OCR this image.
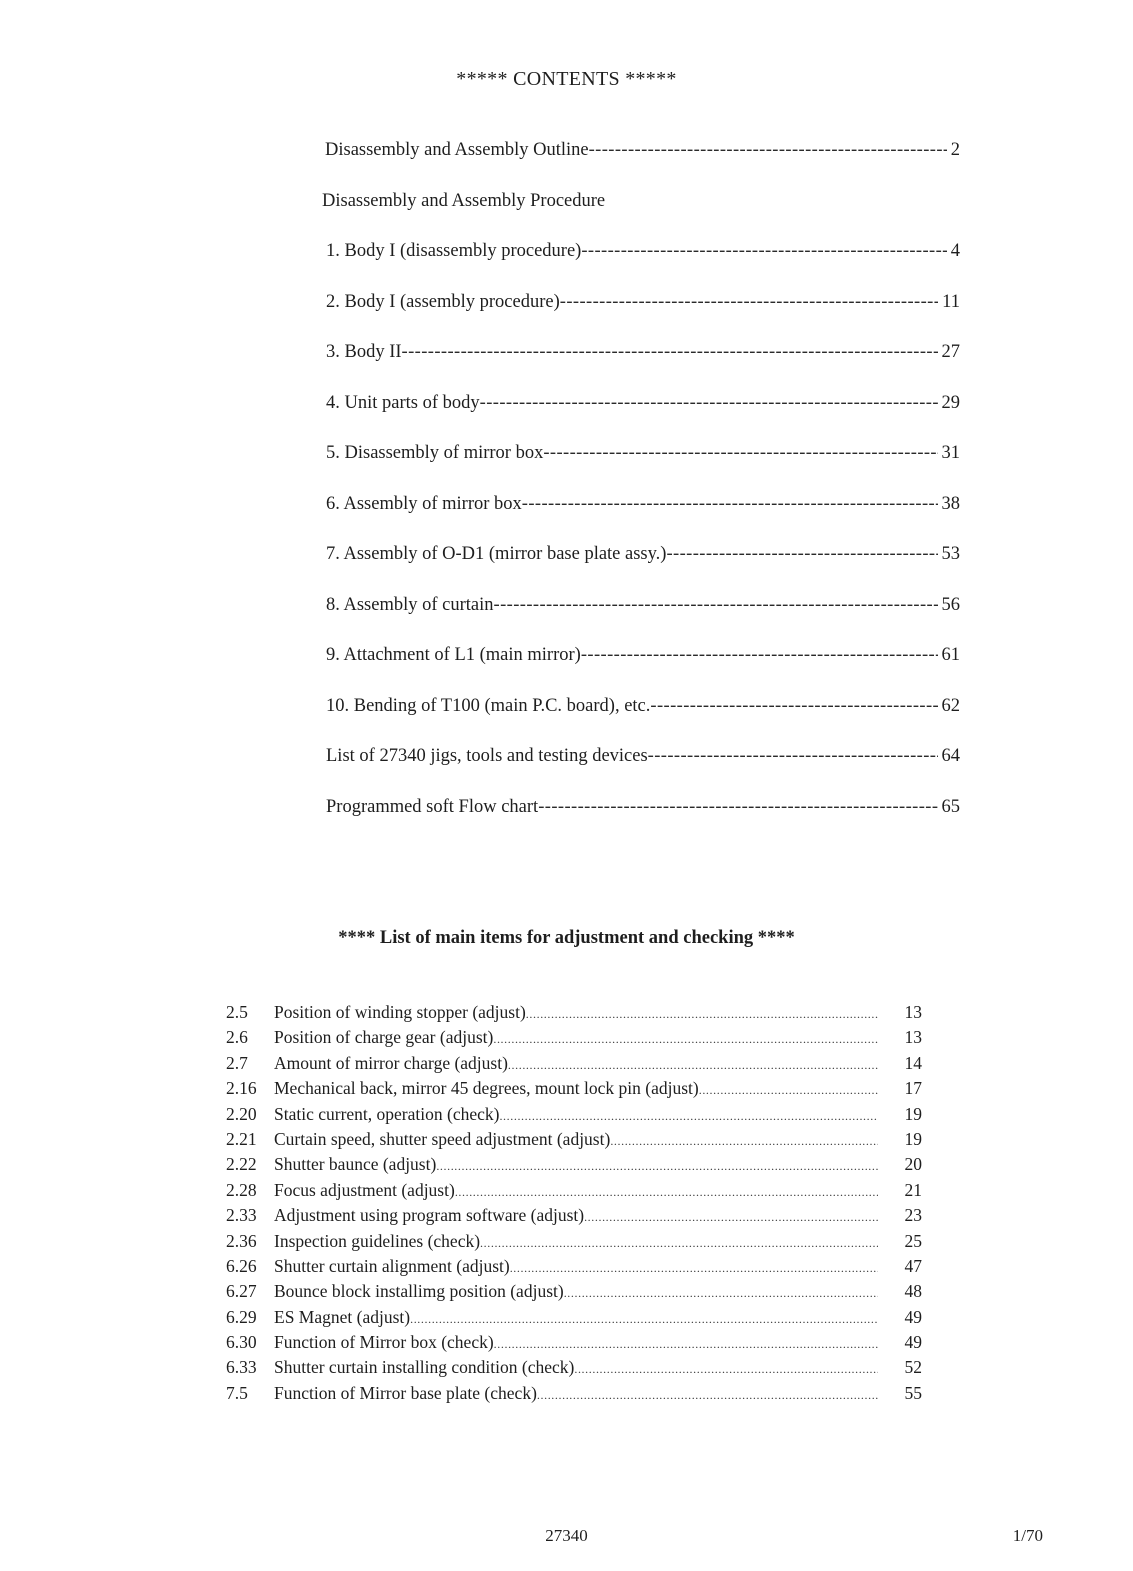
***** CONTENTS *****
Disassembly and Assembly Outline -----	2
Disassembly and Assembly Procedure
1. Body I (disassembly procedure) -----	4
2. Body I (assembly procedure) -----	11
3. Body II -----	27
4. Unit parts of body -----	29
5. Disassembly of mirror box -----	31
6. Assembly of mirror box -----	38
7. Assembly of O-D1 (mirror base plate assy.) -----	53
8. Assembly of curtain -----	56
9. Attachment of L1 (main mirror) -----	61
10. Bending of T100 (main P.C. board), etc. -----	62
List of 27340 jigs, tools and testing devices -----	64
Programmed soft Flow chart -----	65
**** List of main items for adjustment and checking ****
2.5	Position of winding stopper (adjust) .....	13
2.6	Position of charge gear (adjust) .....	13
2.7	Amount of mirror charge (adjust) .....	14
2.16 Mechanical back, mirror 45 degrees, mount lock pin (adjust) .....	17
2.20 Static current, operation (check) .....	19
2.21 Curtain speed, shutter speed adjustment (adjust) .....	19
2.22 Shutter baunce (adjust) .....	20
2.28 Focus adjustment (adjust) .....	21
2.33 Adjustment using program software (adjust) .....	23
2.36 Inspection guidelines (check) .....	25
6.26 Shutter curtain alignment (adjust) .....	47
6.27 Bounce block installimg position (adjust) .....	48
6.29 ES Magnet (adjust) .....	49
6.30 Function of Mirror box (check) .....	49
6.33 Shutter curtain installing condition (check) .....	52
7.5	Function of Mirror base plate (check) .....	55
27340	1/70
